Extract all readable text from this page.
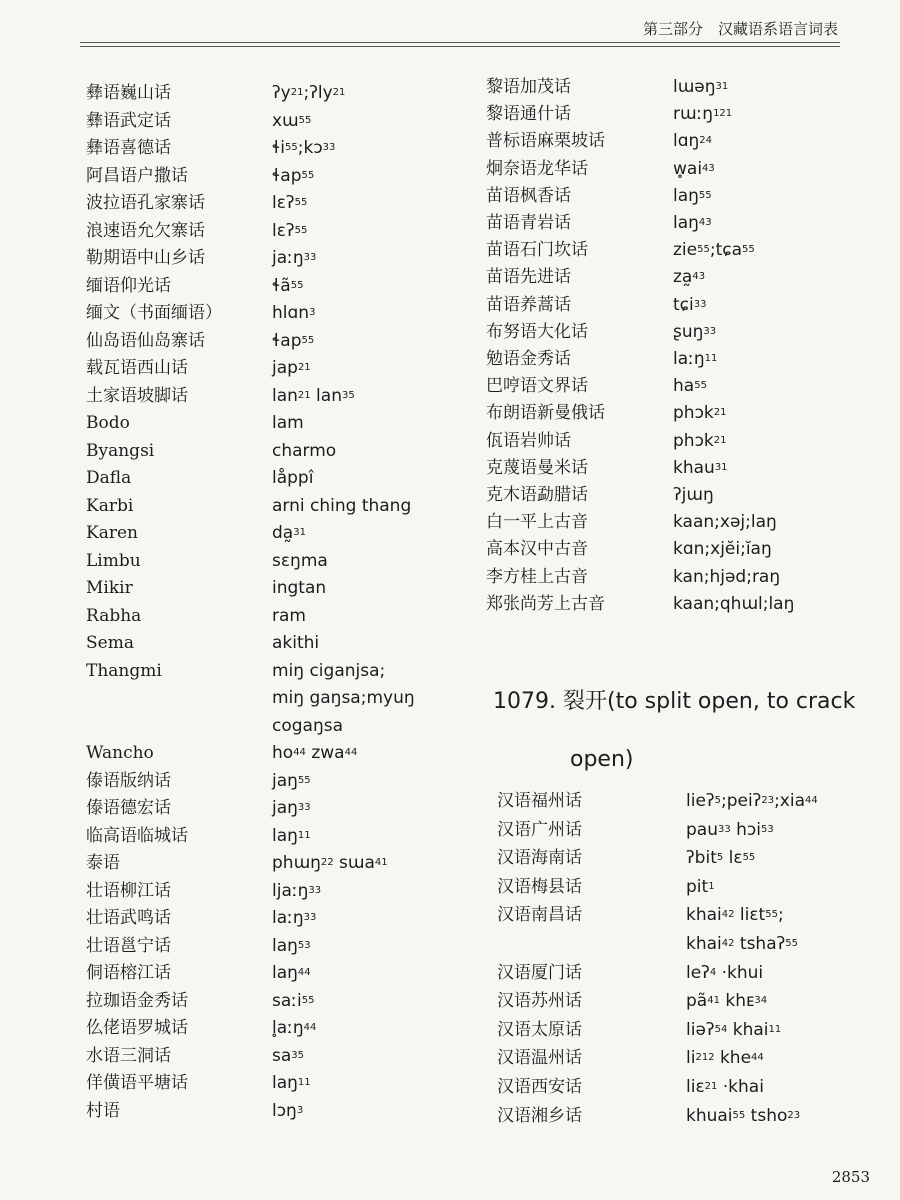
第三部分　汉藏语系语言词表
彝语巍山话	ʔy$^{21}$;ʔly$^{21}$
彝语武定话	xɯ$^{55}$
彝语喜德话	ɬi$^{55}$;kɔ$^{33}$
阿昌语户撒话	ɬap$^{55}$
波拉语孔家寨话	lɛʔ$^{55}$
浪速语允欠寨话	lɛʔ$^{55}$
勒期语中山乡话	jaːŋ$^{33}$
缅语仰光话	ɬã$^{55}$
缅文（书面缅语）	hlɑn$^3$
仙岛语仙岛寨话	ɬap$^{55}$
载瓦语西山话	jap$^{21}$
土家语坡脚话	lan$^{21}$ lan$^{35}$
Bodo	lam
Byangsi	charmo
Dafla	låppî
Karbi	arni ching thang
Karen	da̰$^{31}$
Limbu	sɛŋma
Mikir	ingtan
Rabha	ram
Sema	akithi
Thangmi	miŋ ciganjsa;
miŋ gaŋsa;myuŋ
cogaŋsa
Wancho	$ho^{44}$ zwa$^{44}$
傣语版纳话	jaŋ$^{55}$
傣语德宏话	jaŋ$^{33}$
临高语临城话	laŋ$^{11}$
泰语	phɯŋ$^{22}$ sɯa$^{41}$
壮语柳江话	ljaːŋ$^{33}$
壮语武鸣话	laːŋ$^{33}$
壮语邕宁话	laŋ$^{53}$
侗语榕江话	laŋ$^{44}$
拉珈语金秀话	saːi$^{55}$
仫佬语罗城话	l̥aːŋ$^{44}$
水语三洞话	$sa^{35}$
佯僙语平塘话	laŋ$^{11}$
村语	lɔŋ$^3$
黎语加茂话	lɯəŋ$^{31}$
黎语通什话	rɯːŋ$^{121}$
普标语麻栗坡话	lɑŋ$^{24}$
炯奈语龙华话	$w̥ai^{43}$
苗语枫香话	laŋ$^{55}$
苗语青岩话	laŋ$^{43}$
苗语石门坎话	zie$^{55}$;tɕa$^{55}$
苗语先进话	za̰$^{43}$
苗语养蒿话	tɕi$^{33}$
布努语大化话	ʂuŋ$^{33}$
勉语金秀话	laːŋ$^{11}$
巴哼语文界话	$ha^{55}$
布朗语新曼俄话	phɔk$^{21}$
佤语岩帅话	phɔk$^{21}$
克蔑语曼米话	khau$^{31}$
克木语勐腊话	ʔjɯŋ
白一平上古音	kaan;xəj;laŋ
高本汉中古音	kɑn;xjĕi;ĭaŋ
李方桂上古音	kan;hjəd;raŋ
郑张尚芳上古音	kaan;qhɯl;laŋ
1079. 裂开(to split open, to crack
open)
汉语福州话	lieʔ$^5$;peiʔ$^{23}$;xia$^{44}$
汉语广州话	pau$^{33}$ hɔi$^{53}$
汉语海南话	ʔbit$^5$ lɛ$^{55}$
汉语梅县话	pit$^1$
汉语南昌话	khai$^{42}$ liɛt$^{55}$;
khai$^{42}$ tshaʔ$^{55}$
汉语厦门话	leʔ$^4$ ·khui
汉语苏州话	$pã^{41}$ khᴇ$^{34}$
汉语太原话	liəʔ$^{54}$ khai$^{11}$
汉语温州话	$li^{212}$ khe$^{44}$
汉语西安话	liɛ$^{21}$ ·khai
汉语湘乡话	khuai$^{55}$ tsho$^{23}$
2853
